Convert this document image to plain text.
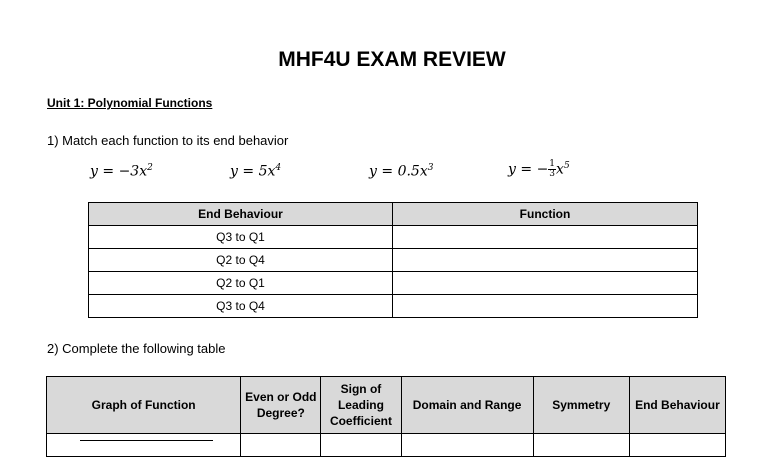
MHF4U EXAM REVIEW
Unit 1: Polynomial Functions
1) Match each function to its end behavior
$y = -3x^2$	$y = 5x^4$	$y = 0.5x^3$	y = − $\frac{1}{3} x^5$
End Behaviour	Function
Q3 to Q1	
Q2 to Q4	
Q2 to Q1	
Q3 to Q4	
2) Complete the following table
Graph of Function	Even or Odd Degree?	Sign of Leading Coefficient	Domain and Range	Symmetry	End Behaviour
